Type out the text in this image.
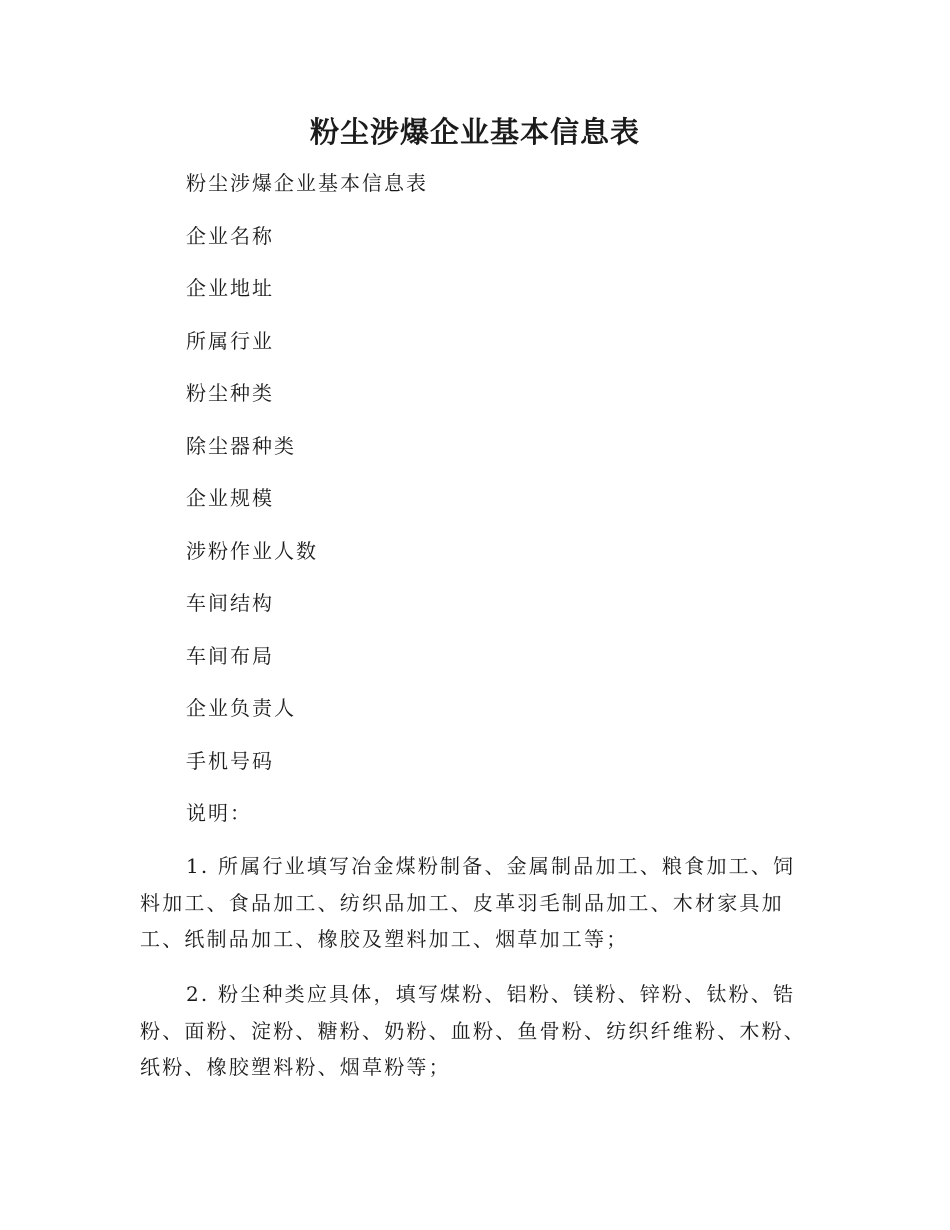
粉尘涉爆企业基本信息表
粉尘涉爆企业基本信息表
企业名称
企业地址
所属行业
粉尘种类
除尘器种类
企业规模
涉粉作业人数
车间结构
车间布局
企业负责人
手机号码
说明：

1. 所属行业填写冶金煤粉制备、金属制品加工、粮食加工、饲料加工、食品加工、纺织品加工、皮革羽毛制品加工、木材家具加工、纸制品加工、橡胶及塑料加工、烟草加工等；

2. 粉尘种类应具体，填写煤粉、铝粉、镁粉、锌粉、钛粉、锆粉、面粉、淀粉、糖粉、奶粉、血粉、鱼骨粉、纺织纤维粉、木粉、纸粉、橡胶塑料粉、烟草粉等；
